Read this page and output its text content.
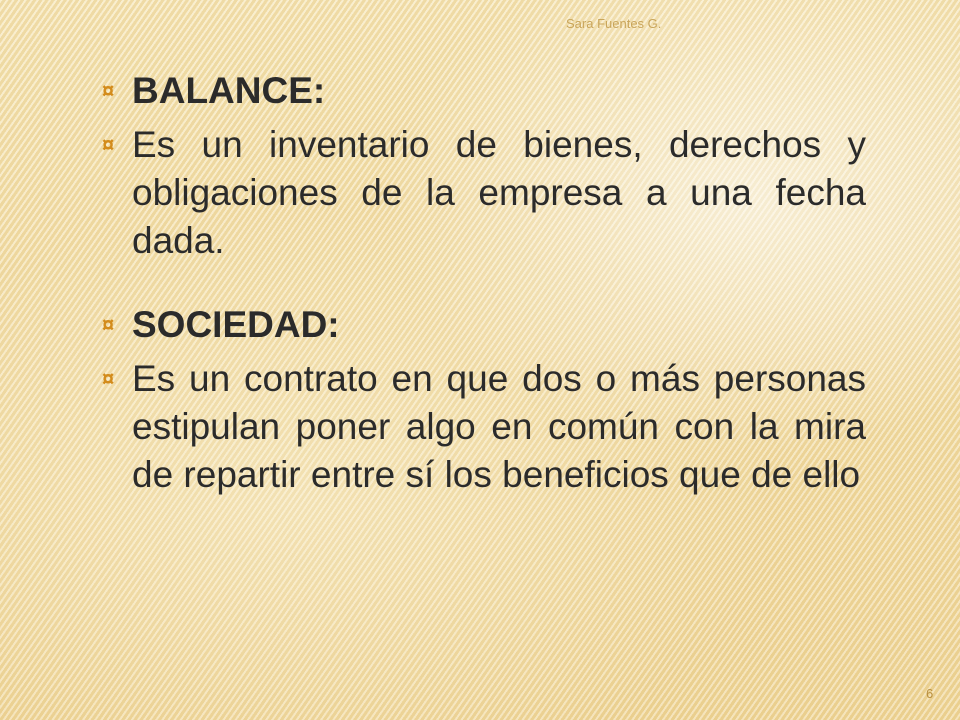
Sara Fuentes G.
¤ BALANCE:
¤ Es un inventario de bienes, derechos y obligaciones de la empresa a una fecha dada.
¤ SOCIEDAD:
¤ Es un contrato en que dos o más personas estipulan poner algo en común con la mira de repartir entre sí los beneficios que de ello
6
